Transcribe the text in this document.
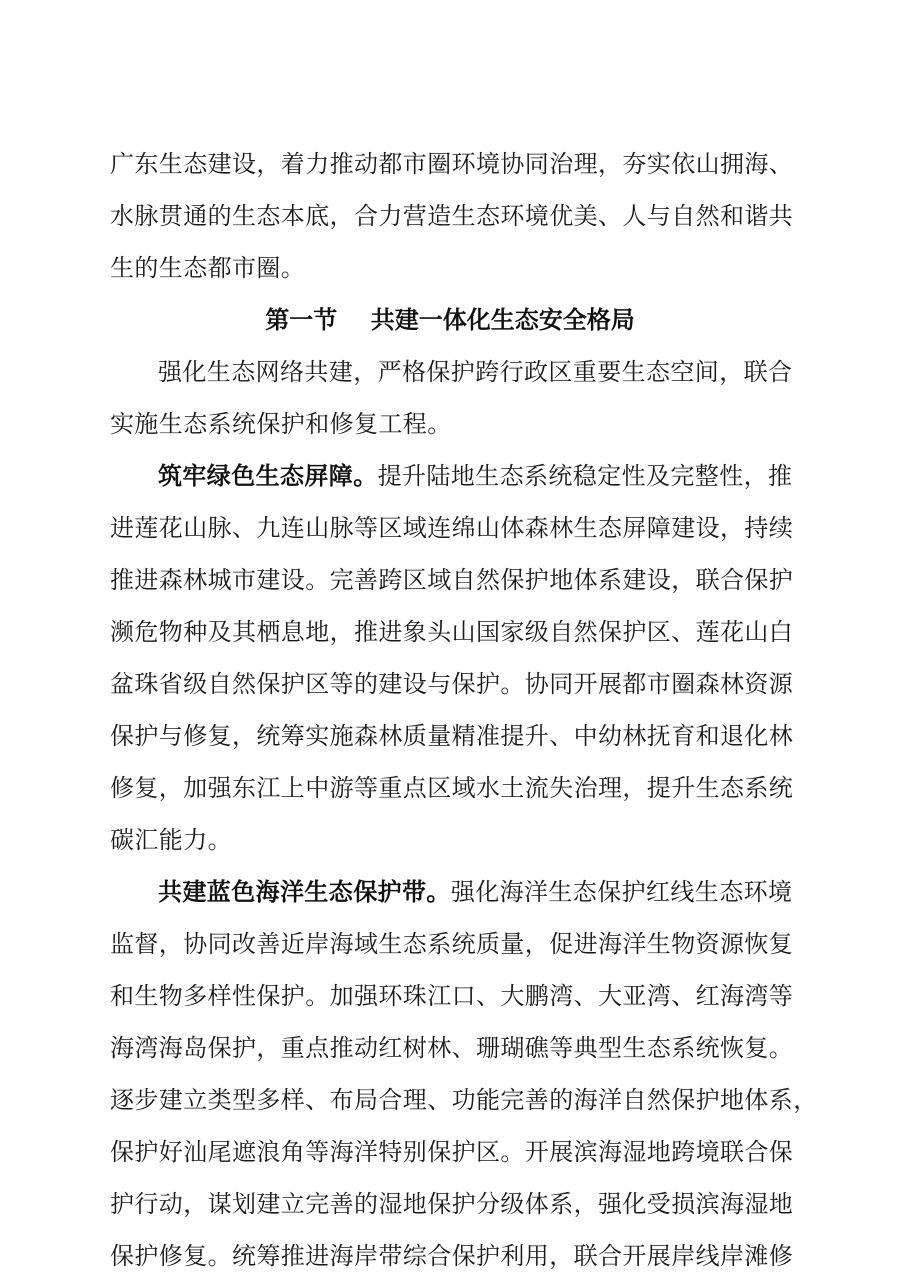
广东生态建设，着力推动都市圈环境协同治理，夯实依山拥海、
水脉贯通的生态本底，合力营造生态环境优美、人与自然和谐共
生的生态都市圈。
第一节    共建一体化生态安全格局
强化生态网络共建，严格保护跨行政区重要生态空间，联合
实施生态系统保护和修复工程。
筑牢绿色生态屏障。提升陆地生态系统稳定性及完整性，推
进莲花山脉、九连山脉等区域连绵山体森林生态屏障建设，持续
推进森林城市建设。完善跨区域自然保护地体系建设，联合保护
濒危物种及其栖息地，推进象头山国家级自然保护区、莲花山白
盆珠省级自然保护区等的建设与保护。协同开展都市圈森林资源
保护与修复，统筹实施森林质量精准提升、中幼林抚育和退化林
修复，加强东江上中游等重点区域水土流失治理，提升生态系统
碳汇能力。
共建蓝色海洋生态保护带。强化海洋生态保护红线生态环境
监督，协同改善近岸海域生态系统质量，促进海洋生物资源恢复
和生物多样性保护。加强环珠江口、大鹏湾、大亚湾、红海湾等
海湾海岛保护，重点推动红树林、珊瑚礁等典型生态系统恢复。
逐步建立类型多样、布局合理、功能完善的海洋自然保护地体系，
保护好汕尾遮浪角等海洋特别保护区。开展滨海湿地跨境联合保
护行动，谋划建立完善的湿地保护分级体系，强化受损滨海湿地
保护修复。统筹推进海岸带综合保护利用，联合开展岸线岸滩修
